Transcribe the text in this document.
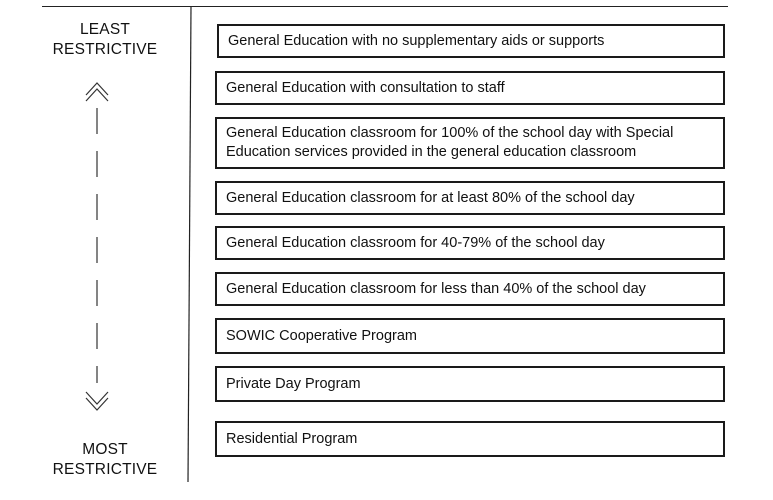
LEAST
RESTRICTIVE
MOST
RESTRICTIVE
General Education with no supplementary aids or supports
General Education with consultation to staff
General Education classroom for 100% of the school day with Special Education services provided in the general education classroom
General Education classroom for at least 80% of the school day
General Education classroom for 40-79% of the school day
General Education classroom for less than 40% of the school day
SOWIC Cooperative Program
Private Day Program
Residential Program
